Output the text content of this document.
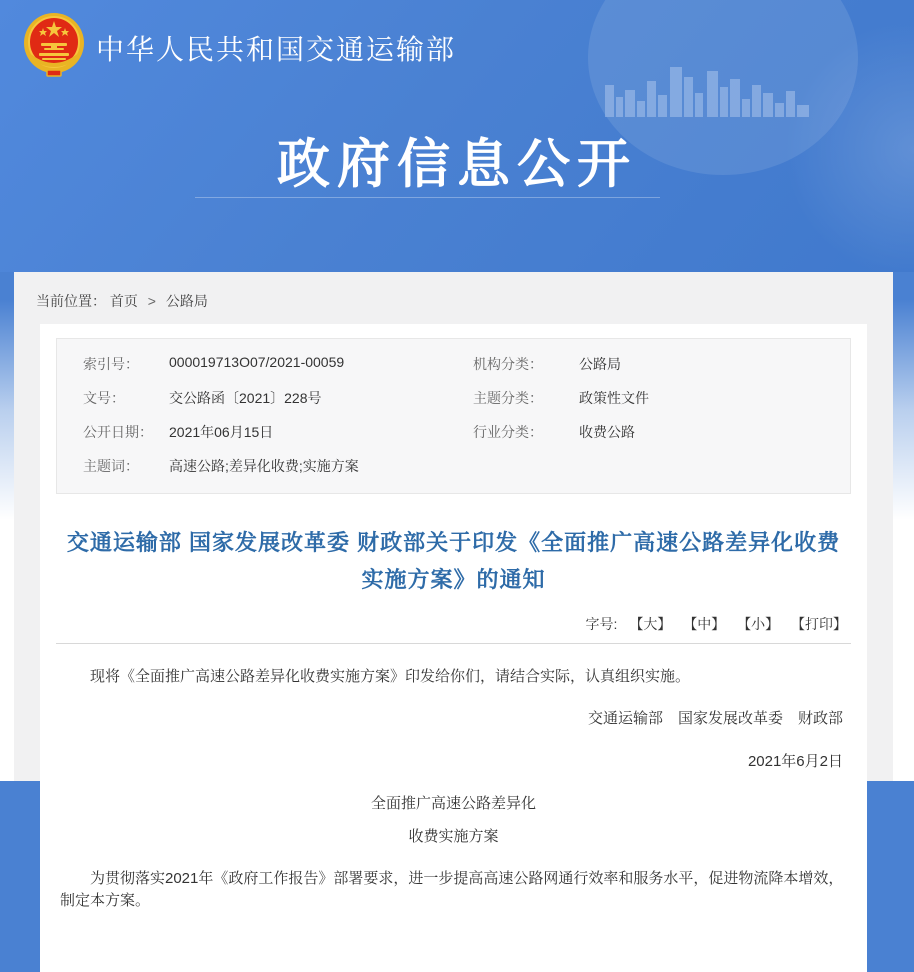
中华人民共和国交通运输部
政府信息公开
当前位置： 首页 > 公路局
索引号：	000019713O07/2021-00059	机构分类：	公路局
文号：	交公路函〔2021〕228号	主题分类：	政策性文件
公开日期：	2021年06月15日	行业分类：	收费公路
主题词：	高速公路;差异化收费;实施方案		
交通运输部 国家发展改革委 财政部关于印发《全面推广高速公路差异化收费实施方案》的通知
字号: 【大】 【中】 【小】 【打印】

现将《全面推广高速公路差异化收费实施方案》印发给你们，请结合实际，认真组织实施。

交通运输部　国家发展改革委　财政部

2021年6月2日

全面推广高速公路差异化

收费实施方案

为贯彻落实2021年《政府工作报告》部署要求，进一步提高高速公路网通行效率和服务水平，促进物流降本增效，制定本方案。
